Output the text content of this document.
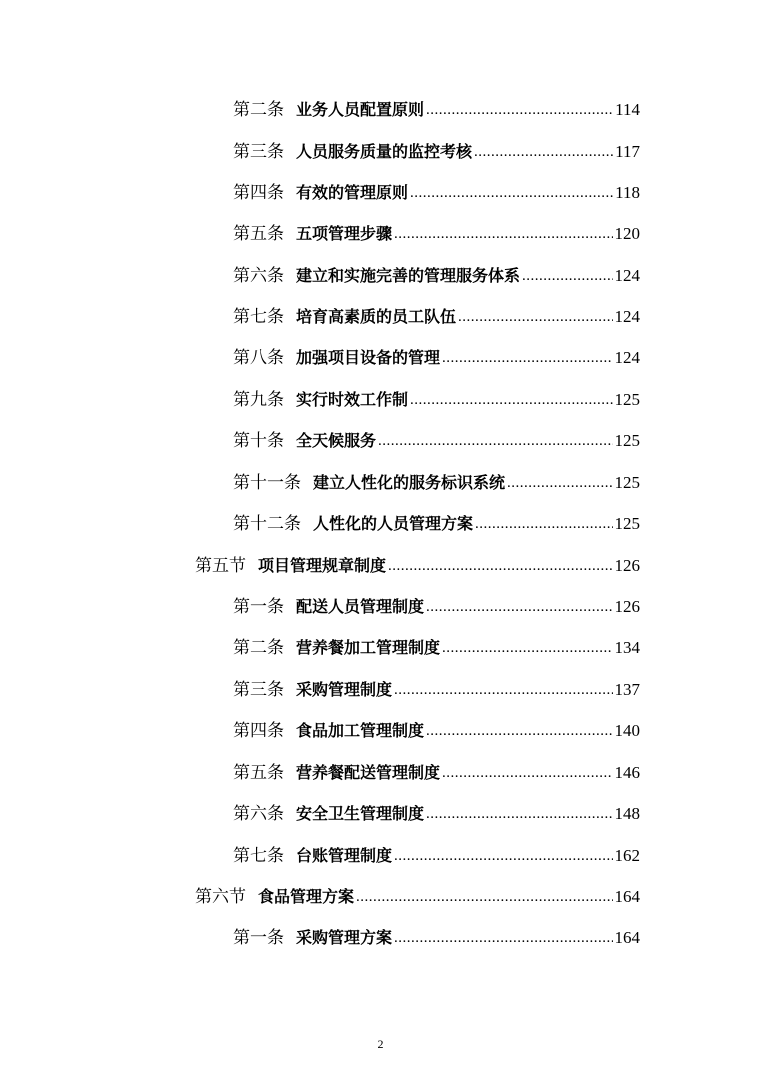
第二条 业务人员配置原则 .....	114
第三条 人员服务质量的监控考核 .....	117
第四条 有效的管理原则 .....	118
第五条 五项管理步骤 .....	120
第六条 建立和实施完善的管理服务体系 .....	124
第七条 培育高素质的员工队伍 .....	124
第八条 加强项目设备的管理 .....	124
第九条 实行时效工作制 .....	125
第十条 全天候服务 .....	125
第十一条 建立人性化的服务标识系统 .....	125
第十二条 人性化的人员管理方案 .....	125
第五节 项目管理规章制度 .....	126
第一条 配送人员管理制度 .....	126
第二条 营养餐加工管理制度 .....	134
第三条 采购管理制度 .....	137
第四条 食品加工管理制度 .....	140
第五条 营养餐配送管理制度 .....	146
第六条 安全卫生管理制度 .....	148
第七条 台账管理制度 .....	162
第六节 食品管理方案 .....	164
第一条 采购管理方案 .....	164
2
